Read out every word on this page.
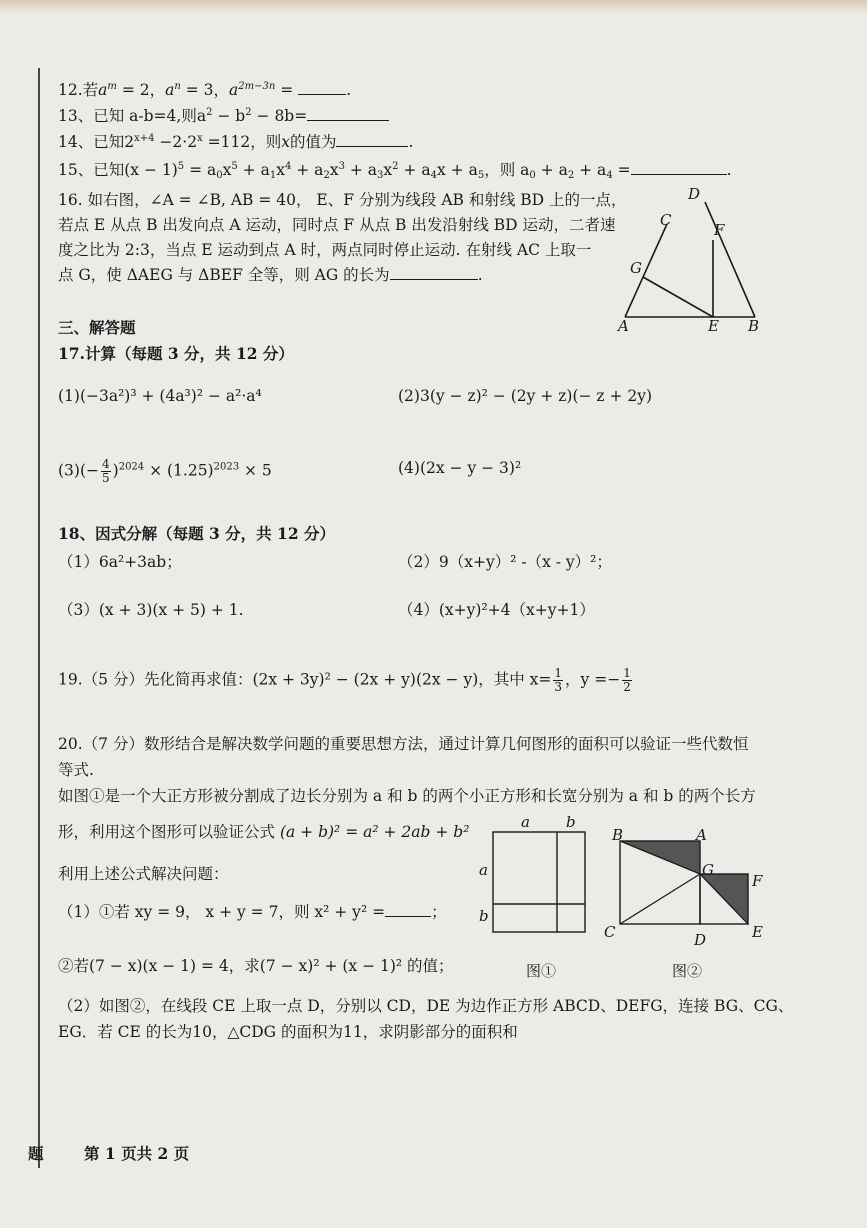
12.若$a^m = 2$，$a^n = 3$，$a^{2m-3n}$ =	.
13、已知 a-b=4,则$a^2 - b^2 - 8b=$
14、已知$2^{x+4} -2\cdot 2^x =112$，则x的值为	.
15、已知$(x - 1)^5 = a_0x^5 + a_1x^4 + a_2x^3 + a_3x^2 + a_4x + a_5$，则 $a_0 + a_2 + a_4$ =	.
16. 如右图，∠A = ∠B, AB = 40， E、F 分别为线段 AB 和射线 BD 上的一点，
若点 E 从点 B 出发向点 A 运动，同时点 F 从点 B 出发沿射线 BD 运动，二者速
度之比为 2:3，当点 E 运动到点 A 时，两点同时停止运动. 在射线 AC 上取一
点 G，使 ΔAEG 与 ΔBEF 全等，则 AG 的长为	.
A	B
C
D
E
F
G
三、解答题
17.计算（每题 3 分，共 12 分）
(1)(−3a²)³ + (4a³)² − a²·a⁴	(2)3(y − z)² − (2y + z)(− z + 2y)
$(3)(- \frac{4}{5} )^{2024} \times (1.25)^{2023} \times 5$	(4)(2x − y − 3)²
18、因式分解（每题 3 分，共 12 分）
（1）6a²+3ab；	（2）9（x+y）² -（x - y）²；
（3）(x + 3)(x + 5) + 1.	（4）(x+y)²+4（x+y+1）
19.（5 分）先化简再求值：(2x + 3y)² − (2x + y)(2x − y)，其中 $x= \frac{1}{3}$ ，$y =- \frac{1}{2}$
20.（7 分）数形结合是解决数学问题的重要思想方法，通过计算几何图形的面积可以验证一些代数恒
等式.
如图①是一个大正方形被分割成了边长分别为 a 和 b 的两个小正方形和长宽分别为 a 和 b 的两个长方
形，利用这个图形可以验证公式 (a + b)² = a² + 2ab + b²
利用上述公式解决问题：
（1）①若 xy = 9， x + y = 7，则 x² + y² =	；
②若(7 − x)(x − 1) = 4，求(7 − x)² + (x − 1)² 的值；
（2）如图②，在线段 CE 上取一点 D，分别以 CD，DE 为边作正方形 ABCD、DEFG，连接 BG、CG、
EG．若 CE 的长为10，△CDG 的面积为11，求阴影部分的面积和
a b
a
b
图①
B	A
G
F
C	D	E
图②
题	第 1 页共 2 页
